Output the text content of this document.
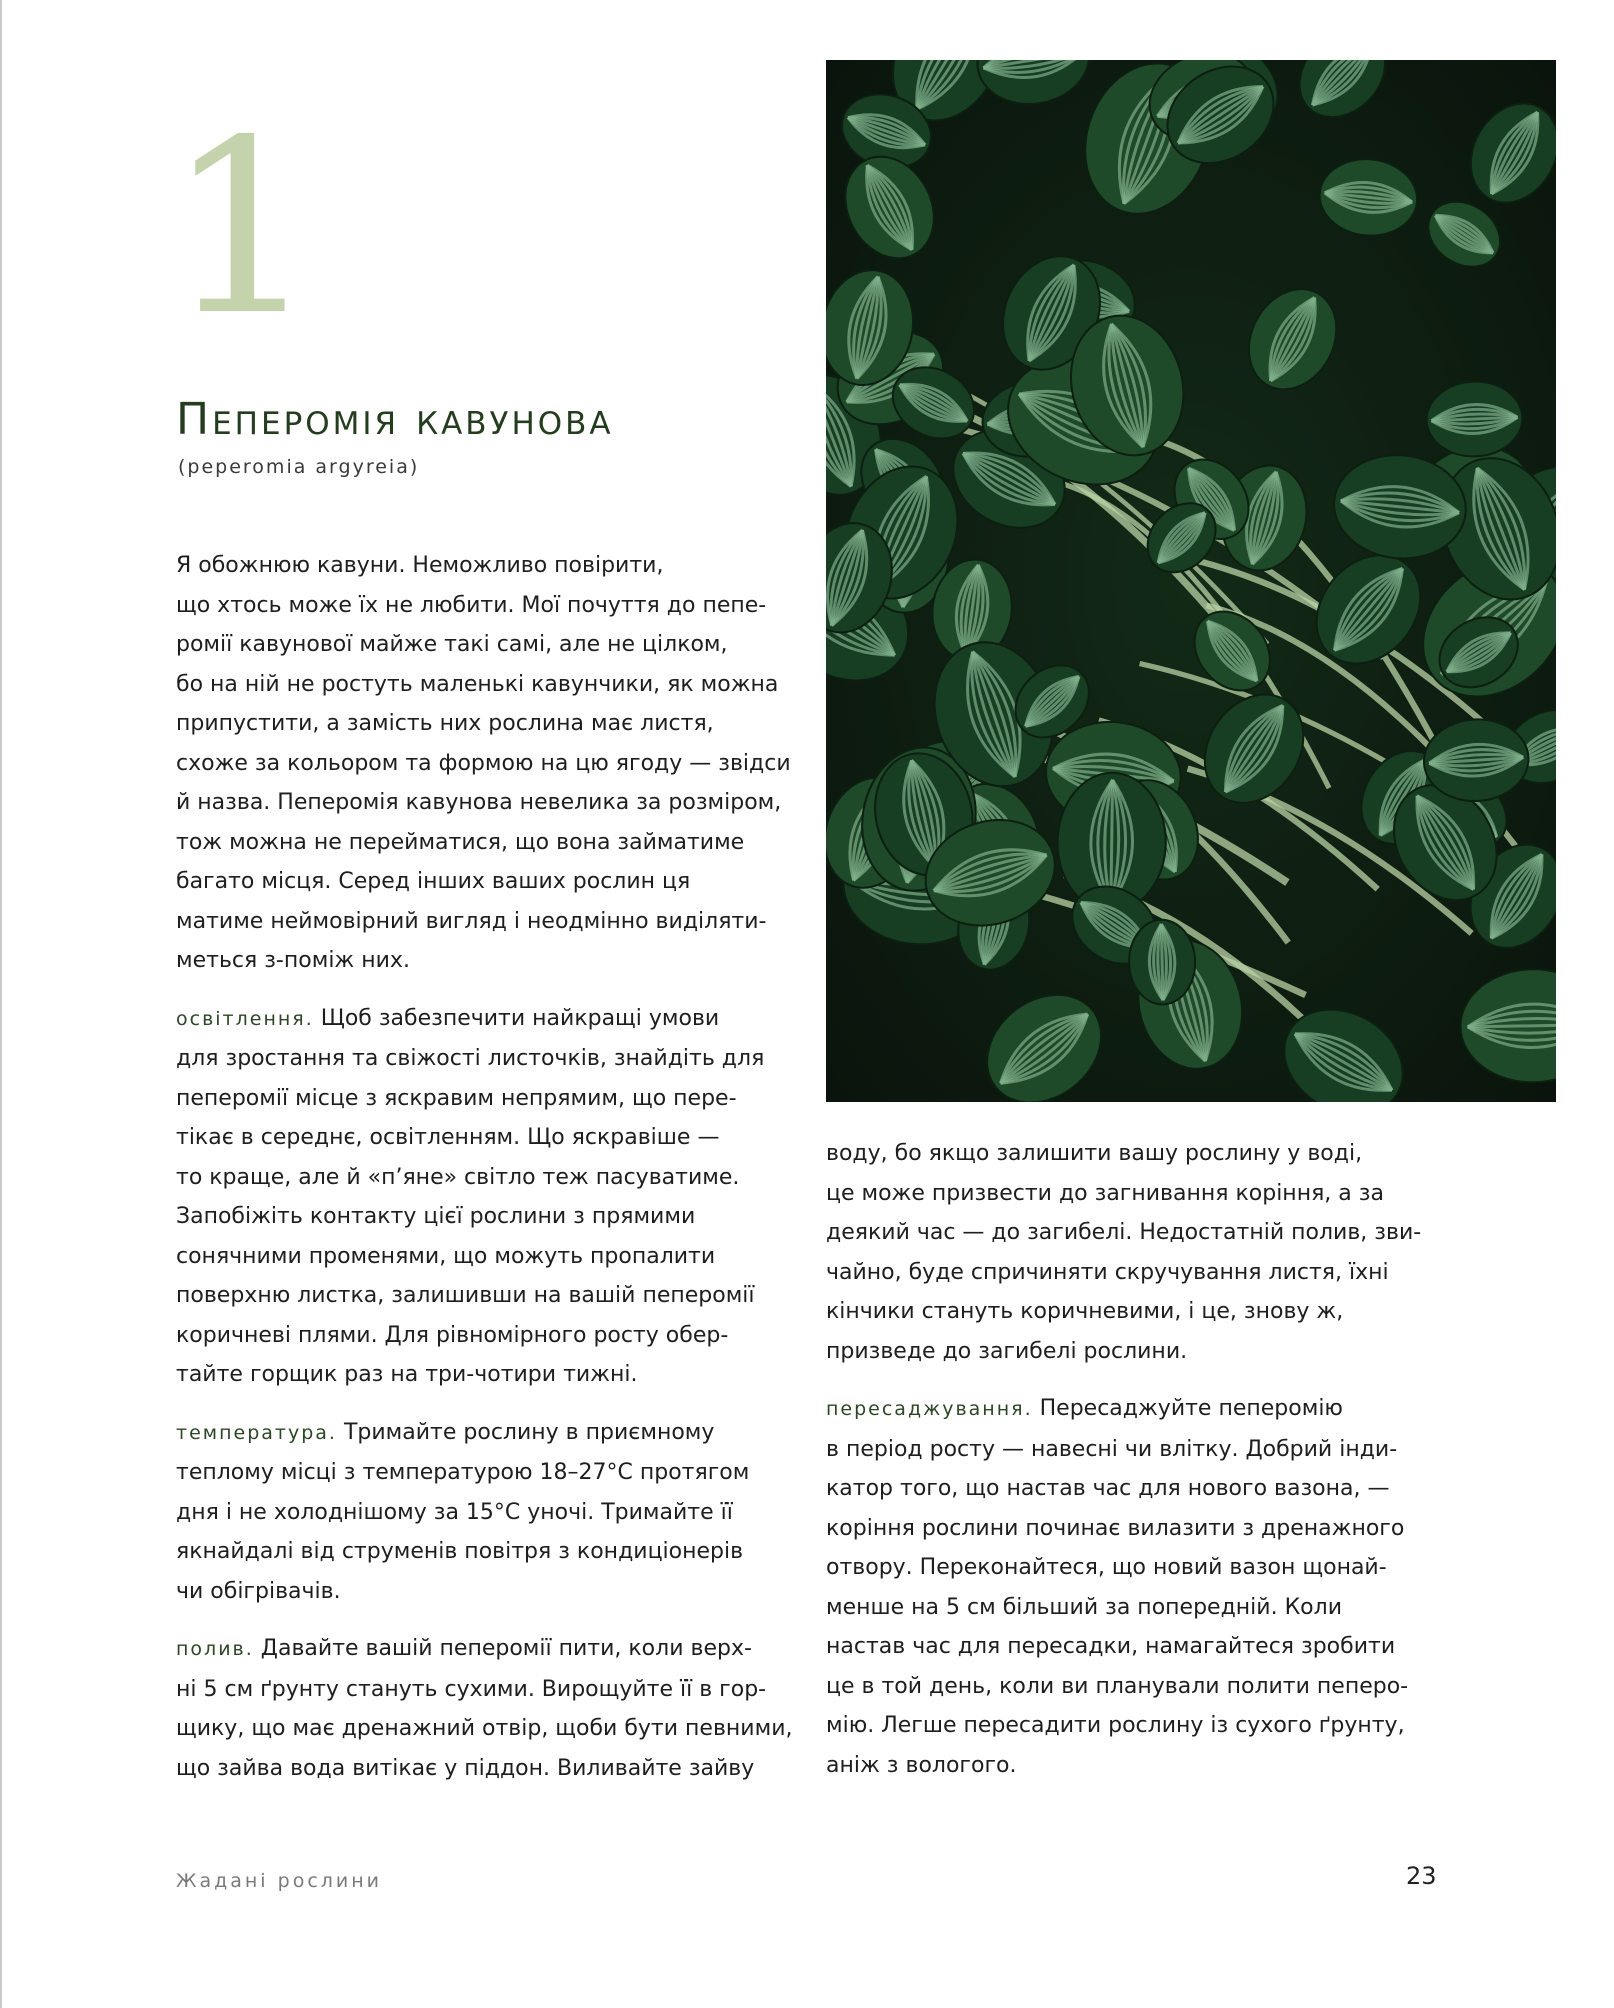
1
Пеперомія кавунова
(peperomia argyreia)

Я обожнюю кавуни. Неможливо повірити,
що хтось може їх не любити. Мої почуття до пепе-
ромії кавунової майже такі самі, але не цілком,
бо на ній не ростуть маленькі кавунчики, як можна
припустити, а замість них рослина має листя,
схоже за кольором та формою на цю ягоду — звідси
й назва. Пеперомія кавунова невелика за розміром,
тож можна не перейматися, що вона займатиме
багато місця. Серед інших ваших рослин ця
матиме неймовірний вигляд і неодмінно виділяти-
меться з-поміж них.

освітлення. Щоб забезпечити найкращі умови
для зростання та свіжості листочків, знайдіть для
пеперомії місце з яскравим непрямим, що пере-
тікає в середнє, освітленням. Що яскравіше —
то краще, але й «п’яне» світло теж пасуватиме.
Запобіжіть контакту цієї рослини з прямими
сонячними променями, що можуть пропалити
поверхню листка, залишивши на вашій пеперомії
коричневі плями. Для рівномірного росту обер-
тайте горщик раз на три-чотири тижні.

температура. Тримайте рослину в приємному
теплому місці з температурою 18–27°C протягом
дня і не холоднішому за 15°C уночі. Тримайте її
якнайдалі від струменів повітря з кондиціонерів
чи обігрівачів.

полив. Давайте вашій пеперомії пити, коли верх-
ні 5 см ґрунту стануть сухими. Вирощуйте її в гор-
щику, що має дренажний отвір, щоби бути певними,
що зайва вода витікає у піддон. Виливайте зайву

воду, бо якщо залишити вашу рослину у воді,
це може призвести до загнивання коріння, а за
деякий час — до загибелі. Недостатній полив, зви-
чайно, буде спричиняти скручування листя, їхні
кінчики стануть коричневими, і це, знову ж,
призведе до загибелі рослини.

пересаджування. Пересаджуйте пеперомію
в період росту — навесні чи влітку. Добрий інди-
катор того, що настав час для нового вазона, —
коріння рослини починає вилазити з дренажного
отвору. Переконайтеся, що новий вазон щонай-
менше на 5 см більший за попередній. Коли
настав час для пересадки, намагайтеся зробити
це в той день, коли ви планували полити пеперо-
мію. Легше пересадити рослину із сухого ґрунту,
аніж з вологого.

Жадані рослини	23
